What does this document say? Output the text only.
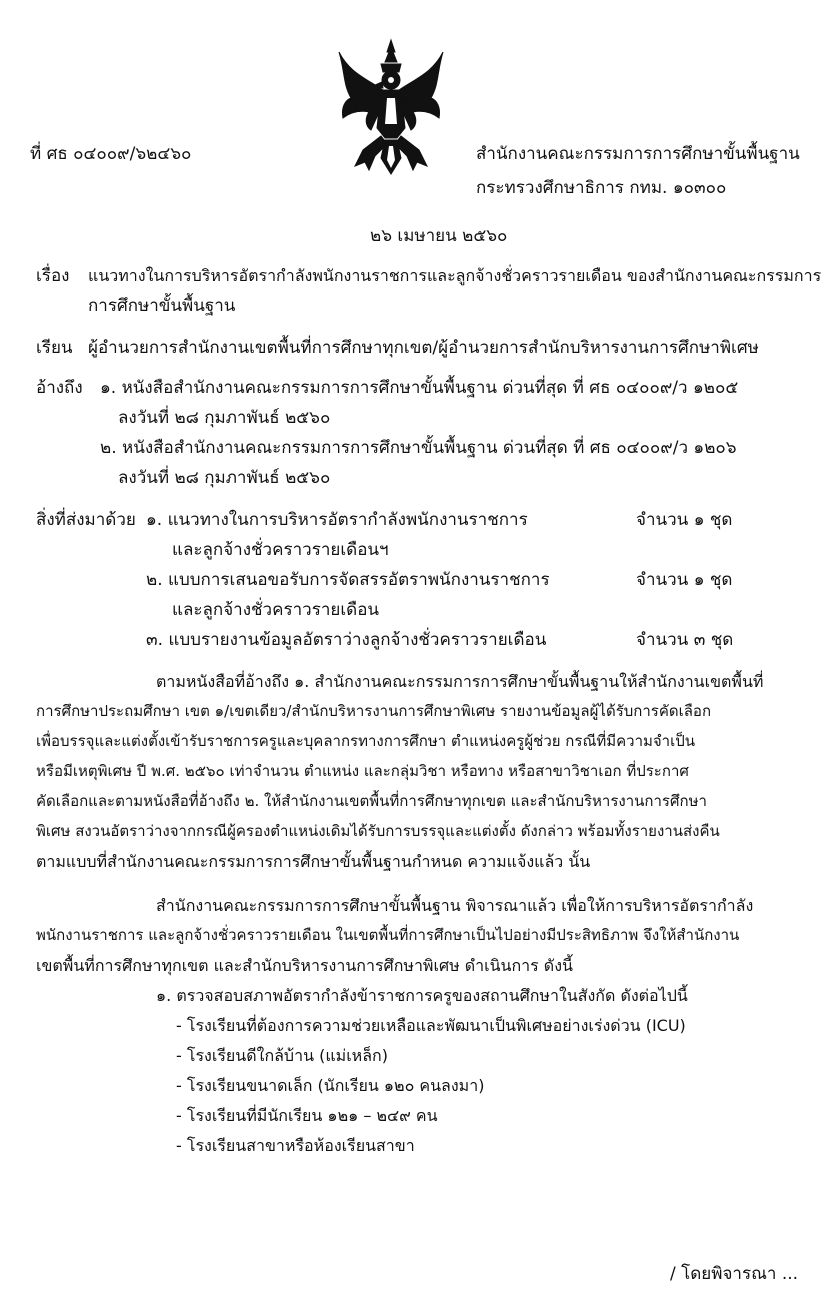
ที่ ศธ ๐๔๐๐๙/๖๒๔๖๐	สำนักงานคณะกรรมการการศึกษาขั้นพื้นฐาน
กระทรวงศึกษาธิการ กทม. ๑๐๓๐๐
๒๖ เมษายน ๒๕๖๐
เรื่อง แนวทางในการบริหารอัตรากำลังพนักงานราชการและลูกจ้างชั่วคราวรายเดือน ของสำนักงานคณะกรรมการ
การศึกษาขั้นพื้นฐาน
เรียน ผู้อำนวยการสำนักงานเขตพื้นที่การศึกษาทุกเขต/ผู้อำนวยการสำนักบริหารงานการศึกษาพิเศษ
อ้างถึง ๑. หนังสือสำนักงานคณะกรรมการการศึกษาขั้นพื้นฐาน ด่วนที่สุด ที่ ศธ ๐๔๐๐๙/ว ๑๒๐๕
ลงวันที่ ๒๘ กุมภาพันธ์ ๒๕๖๐
๒. หนังสือสำนักงานคณะกรรมการการศึกษาขั้นพื้นฐาน ด่วนที่สุด ที่ ศธ ๐๔๐๐๙/ว ๑๒๐๖
ลงวันที่ ๒๘ กุมภาพันธ์ ๒๕๖๐
สิ่งที่ส่งมาด้วย ๑. แนวทางในการบริหารอัตรากำลังพนักงานราชการ	จำนวน ๑ ชุด
และลูกจ้างชั่วคราวรายเดือนฯ
๒. แบบการเสนอขอรับการจัดสรรอัตราพนักงานราชการ	จำนวน ๑ ชุด
และลูกจ้างชั่วคราวรายเดือน
๓. แบบรายงานข้อมูลอัตราว่างลูกจ้างชั่วคราวรายเดือน	จำนวน ๓ ชุด
ตามหนังสือที่อ้างถึง ๑. สำนักงานคณะกรรมการการศึกษาขั้นพื้นฐานให้สำนักงานเขตพื้นที่
การศึกษาประถมศึกษา เขต ๑/เขตเดียว/สำนักบริหารงานการศึกษาพิเศษ รายงานข้อมูลผู้ได้รับการคัดเลือก
เพื่อบรรจุและแต่งตั้งเข้ารับราชการครูและบุคลากรทางการศึกษา ตำแหน่งครูผู้ช่วย กรณีที่มีความจำเป็น
หรือมีเหตุพิเศษ ปี พ.ศ. ๒๕๖๐ เท่าจำนวน ตำแหน่ง และกลุ่มวิชา หรือทาง หรือสาขาวิชาเอก ที่ประกาศ
คัดเลือกและตามหนังสือที่อ้างถึง ๒. ให้สำนักงานเขตพื้นที่การศึกษาทุกเขต และสำนักบริหารงานการศึกษา
พิเศษ สงวนอัตราว่างจากกรณีผู้ครองตำแหน่งเดิมได้รับการบรรจุและแต่งตั้ง ดังกล่าว พร้อมทั้งรายงานส่งคืน
ตามแบบที่สำนักงานคณะกรรมการการศึกษาขั้นพื้นฐานกำหนด ความแจ้งแล้ว นั้น
สำนักงานคณะกรรมการการศึกษาขั้นพื้นฐาน พิจารณาแล้ว เพื่อให้การบริหารอัตรากำลัง
พนักงานราชการ และลูกจ้างชั่วคราวรายเดือน ในเขตพื้นที่การศึกษาเป็นไปอย่างมีประสิทธิภาพ จึงให้สำนักงาน
เขตพื้นที่การศึกษาทุกเขต และสำนักบริหารงานการศึกษาพิเศษ ดำเนินการ ดังนี้
๑. ตรวจสอบสภาพอัตรากำลังข้าราชการครูของสถานศึกษาในสังกัด ดังต่อไปนี้
- โรงเรียนที่ต้องการความช่วยเหลือและพัฒนาเป็นพิเศษอย่างเร่งด่วน (ICU)
- โรงเรียนดีใกล้บ้าน (แม่เหล็ก)
- โรงเรียนขนาดเล็ก (นักเรียน ๑๒๐ คนลงมา)
- โรงเรียนที่มีนักเรียน ๑๒๑ – ๒๔๙ คน
- โรงเรียนสาขาหรือห้องเรียนสาขา
/ โดยพิจารณา ...
